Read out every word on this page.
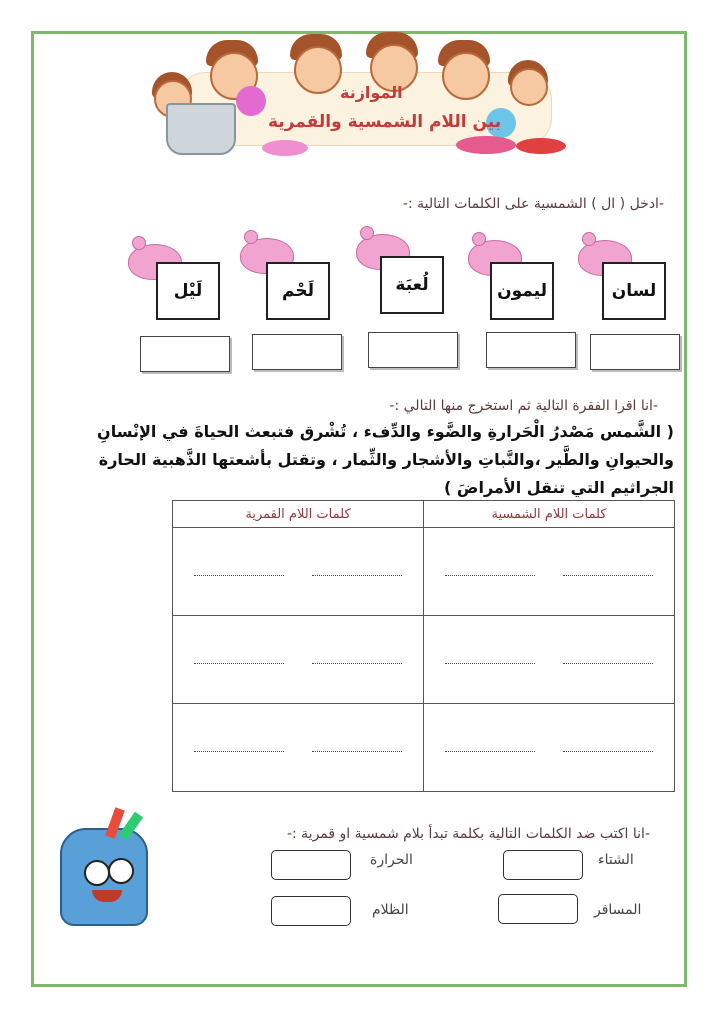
الموازنة
بين اللام الشمسية والقمرية
-ادخل ( ال ) الشمسية على الكلمات التالية :-
لسان
ليمون
لُعبَة
لَحْم
لَيْل
-انا اقرا الفقرة التالية ثم استخرج منها التالي :-
( الشَّمس مَصْدرُ الْحَرارةِ والضَّوء والدِّفء ، تُشْرق فتبعث الحياةَ في الإنْسانِ
والحيوانِ والطَّير ،والنَّباتِ والأشجار والثِّمار ، وتقتل بأشعتها الذَّهبية الحارة
الجراثيم التي تنقل الأمراضَ )
كلمات اللام القمرية	كلمات اللام الشمسية

-انا اكتب ضد الكلمات التالية بكلمة تبدأ بلام شمسية او قمرية :-
الشتاء
الحرارة
المسافر
الظلام
